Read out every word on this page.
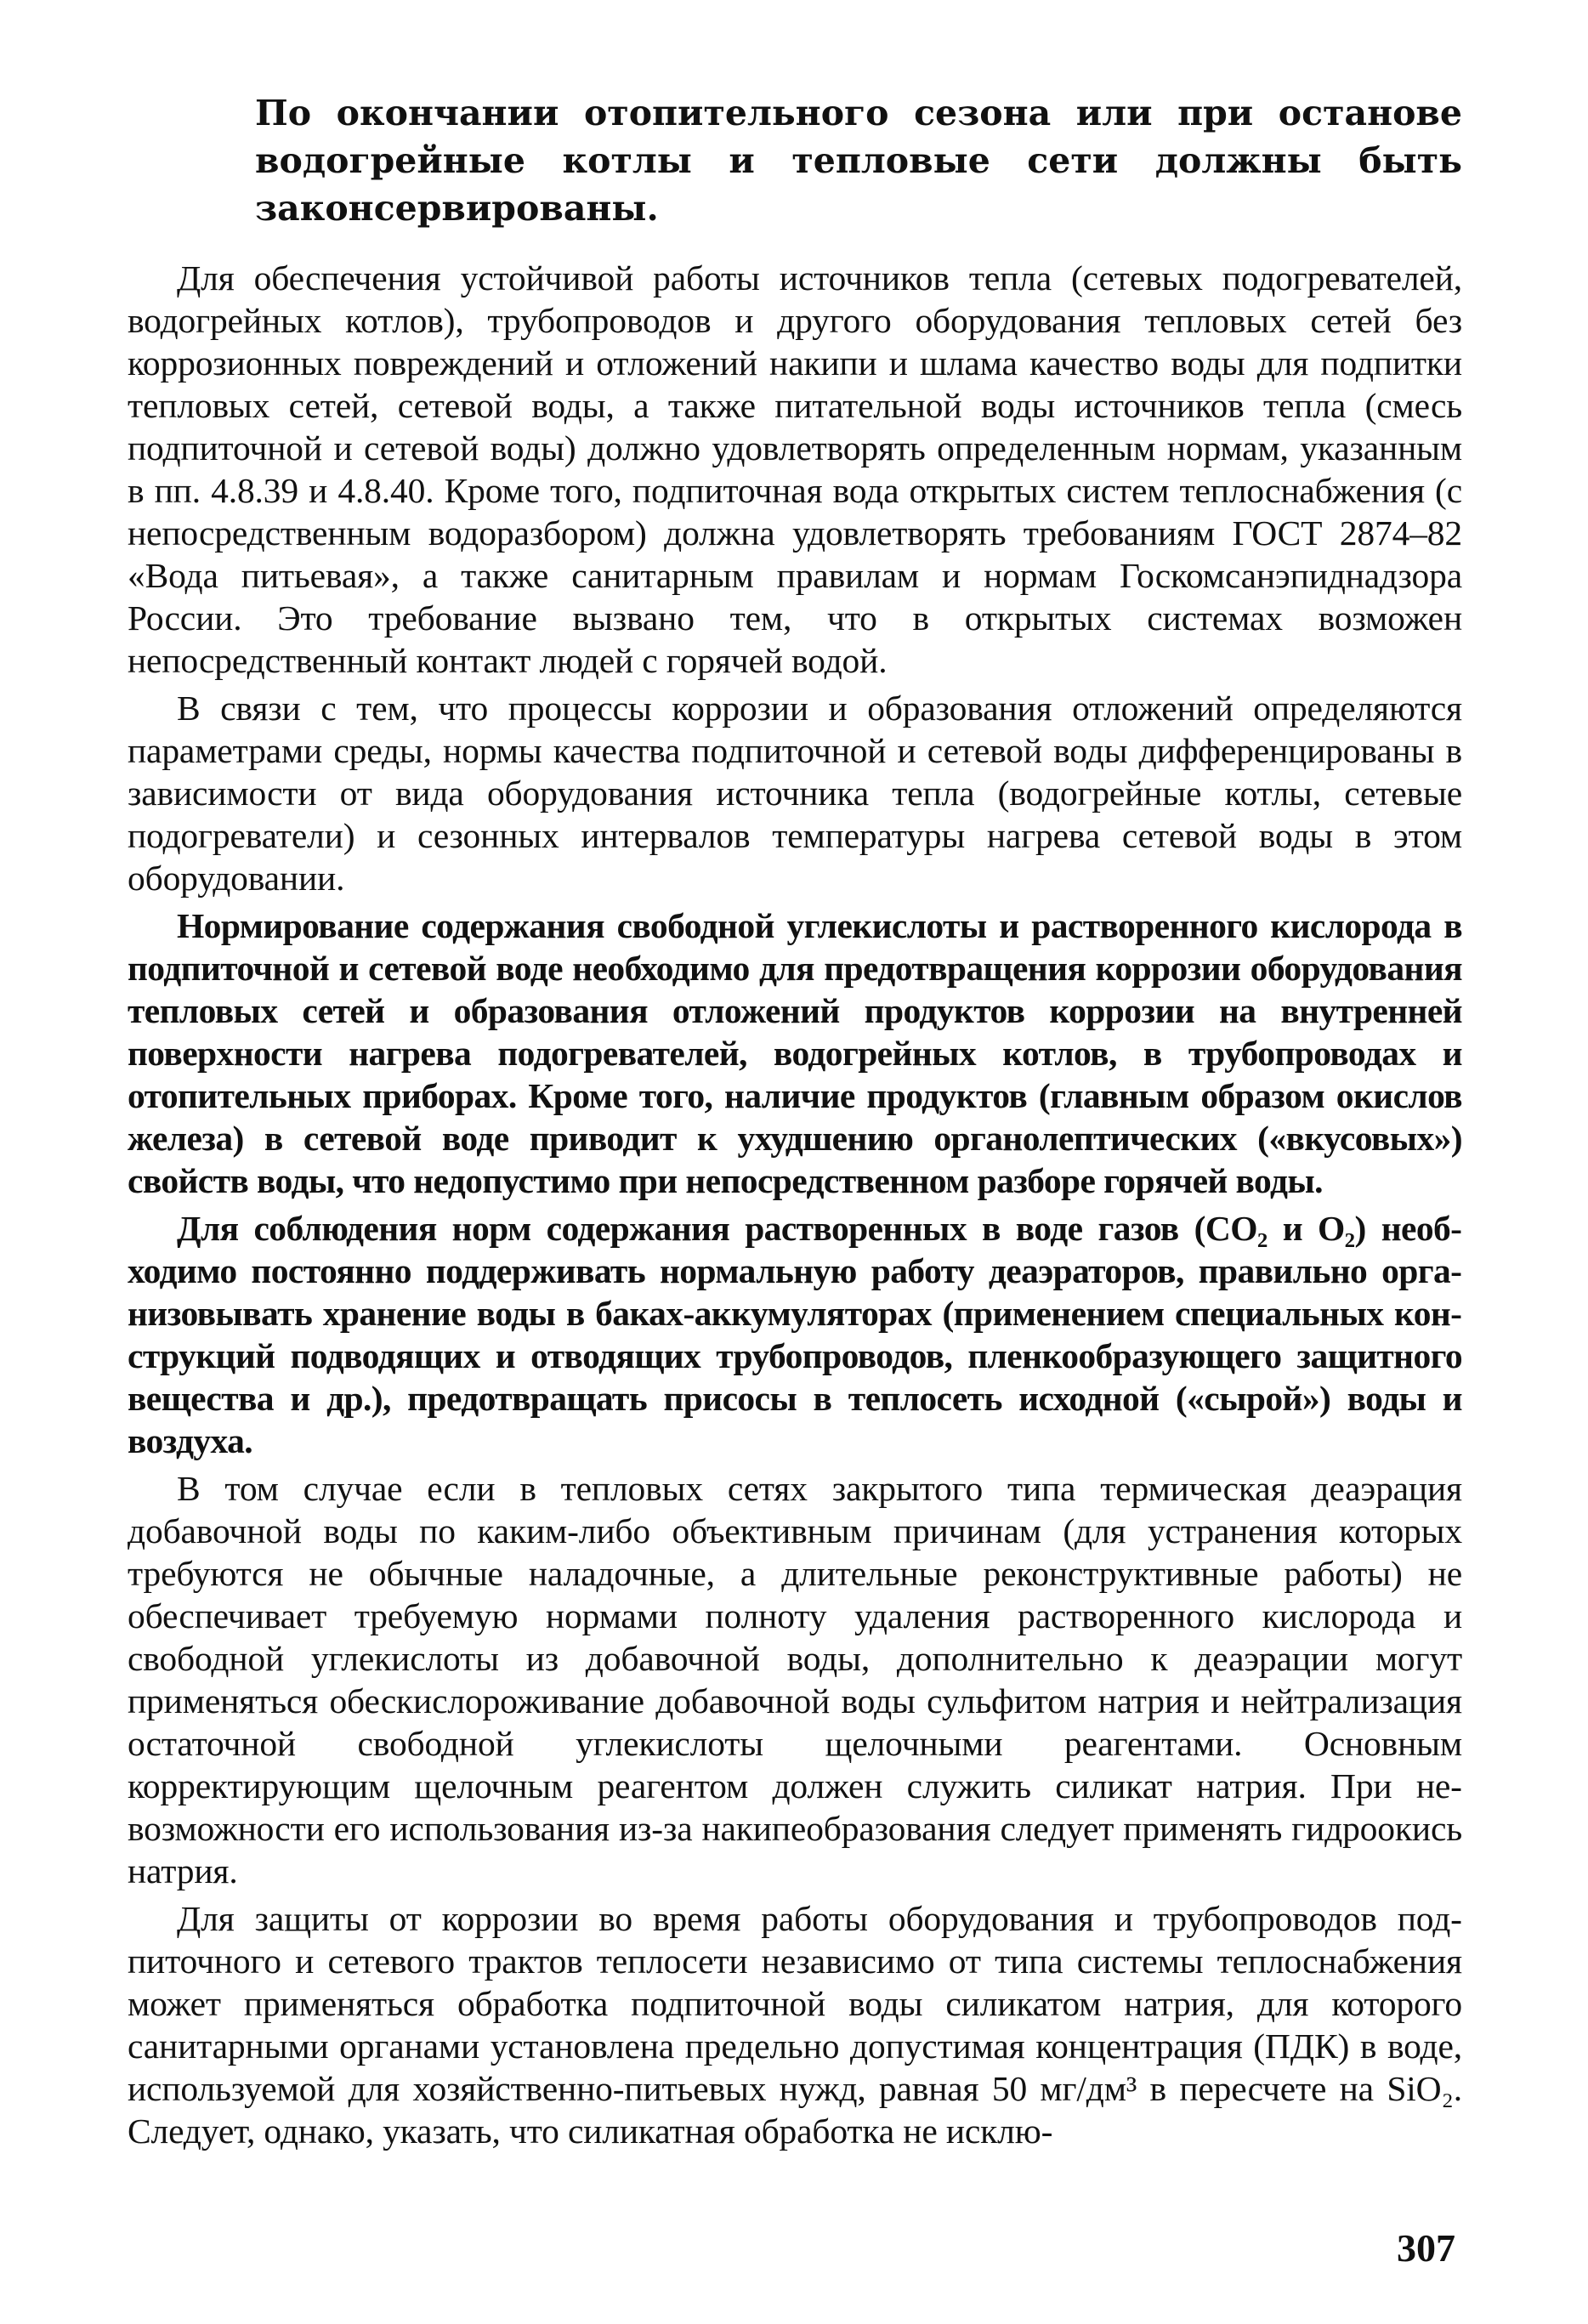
По окончании отопительного сезона или при останове водогрейные котлы и тепловые сети должны быть законсервированы.

Для обеспечения устойчивой работы источников тепла (сетевых подогревателей, водогрейных котлов), трубопроводов и другого оборудования тепловых сетей без коррозионных повреждений и отложений накипи и шлама качество воды для подпитки тепловых сетей, сетевой воды, а также питательной воды источников тепла (смесь подпиточной и сетевой воды) должно удовлетворять определенным нормам, указанным в пп. 4.8.39 и 4.8.40. Кроме того, подпиточная вода открытых систем теплоснабжения (с непосредственным водоразбором) должна удовлетворять требованиям ГОСТ 2874–82 «Вода питьевая», а также санитарным правилам и нормам Госкомсанэпиднадзора России. Это требование вызвано тем, что в открытых системах возможен непосредственный контакт людей с горячей водой.

В связи с тем, что процессы коррозии и образования отложений определяются параметрами среды, нормы качества подпиточной и сетевой воды дифференцированы в зависимости от вида оборудования источника тепла (водогрейные котлы, сетевые подогреватели) и сезонных интервалов температуры нагрева сетевой воды в этом оборудовании.

Нормирование содержания свободной углекислоты и растворенного кислорода в подпиточной и сетевой воде необходимо для предотвращения коррозии оборудования тепловых сетей и образования отложений продуктов коррозии на внутренней поверхности нагрева подогревателей, водогрейных котлов, в трубопроводах и отопительных приборах. Кроме того, наличие продуктов (главным образом окислов железа) в сетевой воде приводит к ухудшению органолептических («вкусовых») свойств воды, что недопустимо при непосредственном разборе горячей воды.

Для соблюдения норм содержания растворенных в воде газов (CO₂ и O₂) необходимо постоянно поддерживать нормальную работу деаэраторов, правильно организовывать хранение воды в баках-аккумуляторах (применением специальных конструкций подводящих и отводящих трубопроводов, пленкообразующего защитного вещества и др.), предотвращать присосы в теплосеть исходной («сырой») воды и воздуха.

В том случае если в тепловых сетях закрытого типа термическая деаэрация добавочной воды по каким-либо объективным причинам (для устранения которых требуются не обычные наладочные, а длительные реконструктивные работы) не обеспечивает требуемую нормами полноту удаления растворенного кислорода и свободной углекислоты из добавочной воды, дополнительно к деаэрации могут применяться обескислороживание добавочной воды сульфитом натрия и нейтрализация остаточной свободной углекислоты щелочными реагентами. Основным корректирующим щелочным реагентом должен служить силикат натрия. При невозможности его использования из-за накипеобразования следует применять гидроокись натрия.

Для защиты от коррозии во время работы оборудования и трубопроводов подпиточного и сетевого трактов теплосети независимо от типа системы теплоснабжения может применяться обработка подпиточной воды силикатом натрия, для которого санитарными органами установлена предельно допустимая концентрация (ПДК) в воде, используемой для хозяйственно-питьевых нужд, равная 50 мг/дм³ в пересчете на SiO₂. Следует, однако, указать, что силикатная обработка не исклю-

307
